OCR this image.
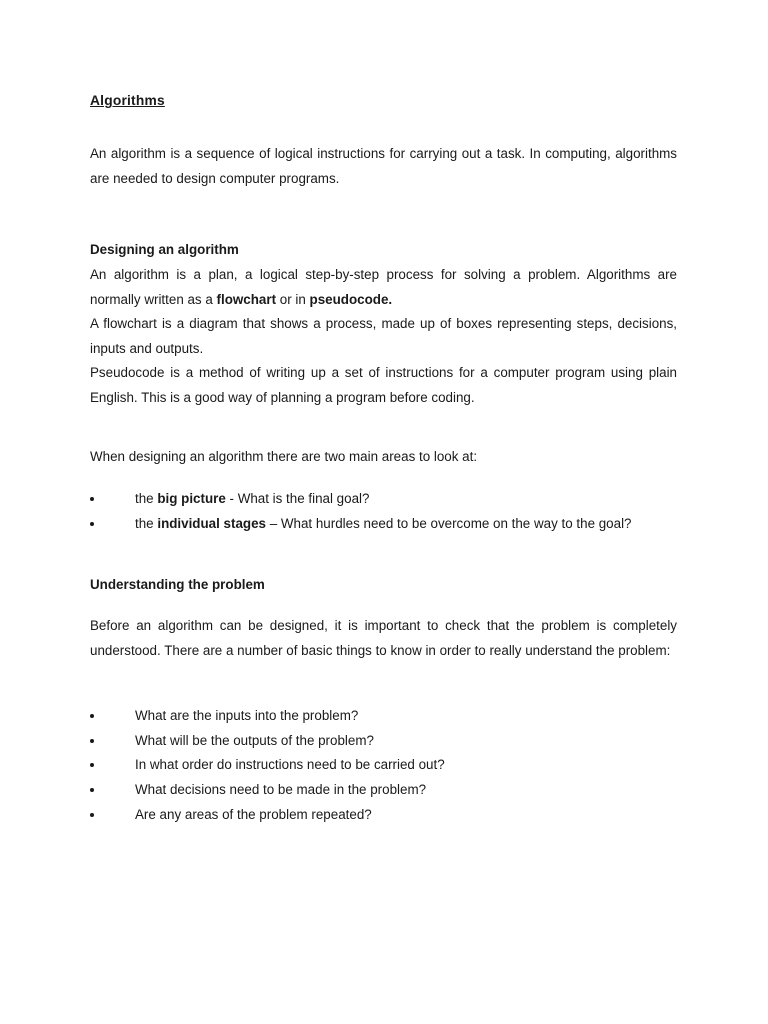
Algorithms

An algorithm is a sequence of logical instructions for carrying out a task. In computing, algorithms are needed to design computer programs.

Designing an algorithm

An algorithm is a plan, a logical step-by-step process for solving a problem. Algorithms are normally written as a flowchart or in pseudocode.

A flowchart is a diagram that shows a process, made up of boxes representing steps, decisions, inputs and outputs.

Pseudocode is a method of writing up a set of instructions for a computer program using plain English. This is a good way of planning a program before coding.

When designing an algorithm there are two main areas to look at:

the big picture - What is the final goal?
the individual stages – What hurdles need to be overcome on the way to the goal?
Understanding the problem

Before an algorithm can be designed, it is important to check that the problem is completely understood. There are a number of basic things to know in order to really understand the problem:

What are the inputs into the problem?
What will be the outputs of the problem?
In what order do instructions need to be carried out?
What decisions need to be made in the problem?
Are any areas of the problem repeated?
